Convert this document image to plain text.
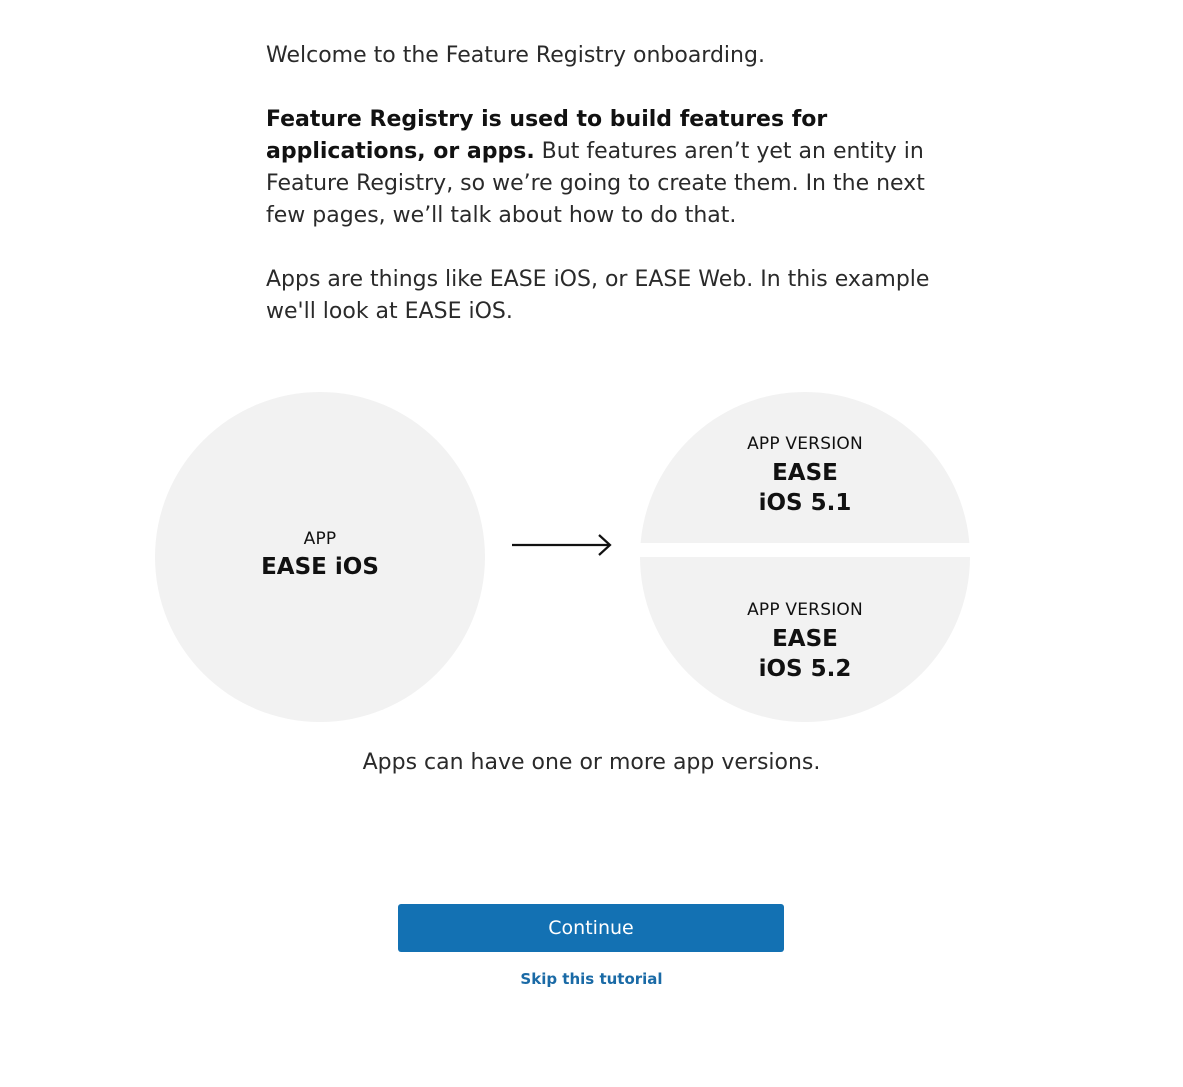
Welcome to the Feature Registry onboarding.

Feature Registry is used to build features for applications, or apps. But features aren’t yet an entity in Feature Registry, so we’re going to create them. In the next few pages, we’ll talk about how to do that.

Apps are things like EASE iOS, or EASE Web. In this example we'll look at EASE iOS.

APP
EASE iOS
APP VERSION
EASE
iOS 5.1
APP VERSION
EASE
iOS 5.2
Apps can have one or more app versions.
Continue
Skip this tutorial
